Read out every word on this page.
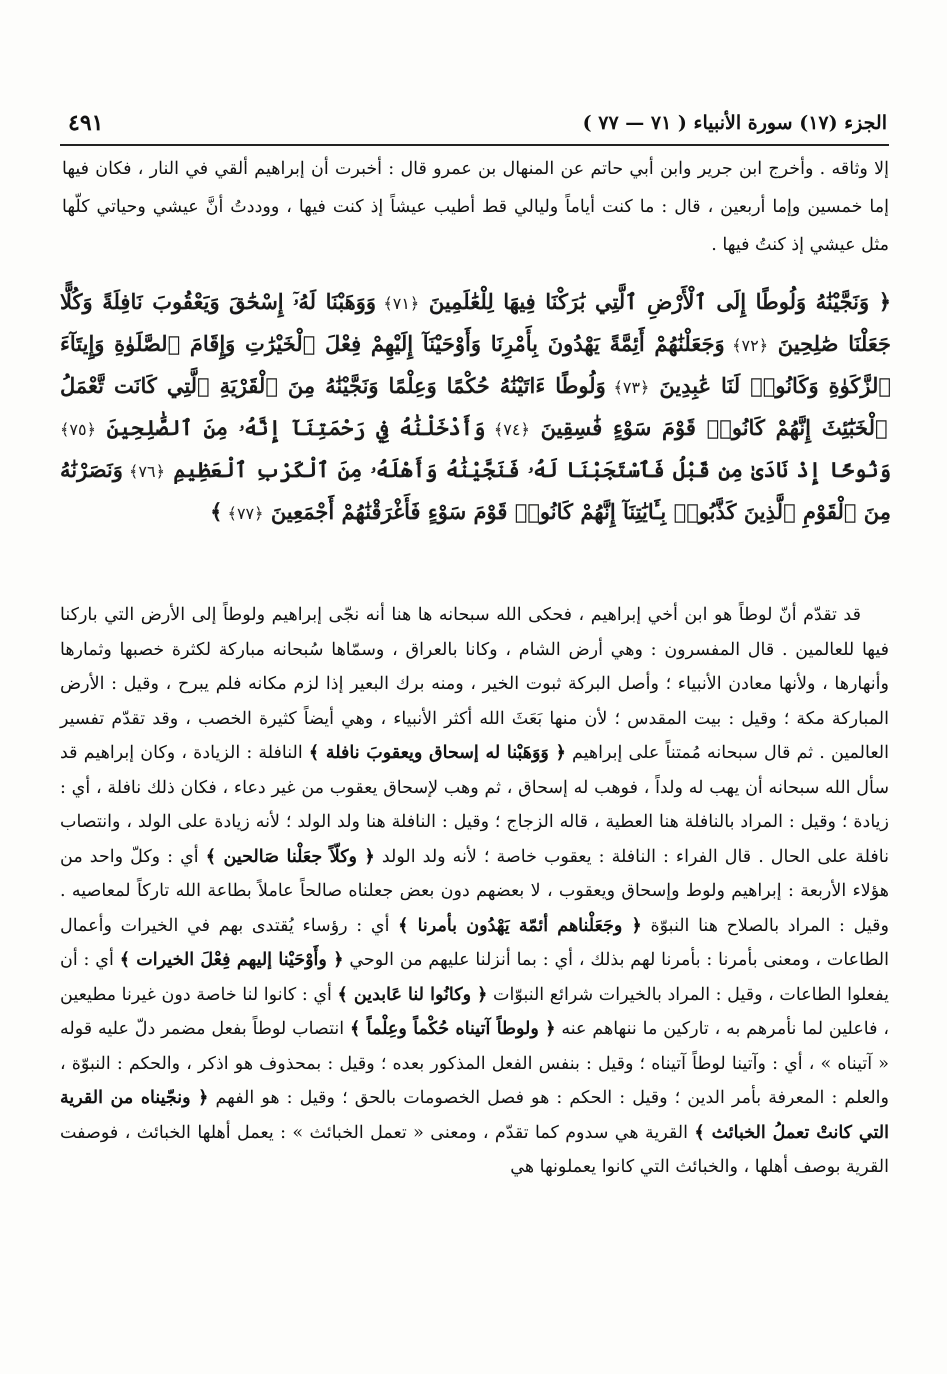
٤٩١	الجزء (١٧) سورة الأنبياء ( ٧١ — ٧٧ )

إلا وثاقه . وأخرج ابن جرير وابن أبي حاتم عن المنهال بن عمرو قال : أخبرت أن إبراهيم ألقي في النار ، فكان فيها إما خمسين وإما أربعين ، قال : ما كنت أياماً وليالي قط أطيب عيشاً إذ كنت فيها ، ووددتُ أنَّ عيشي وحياتي كلّها مثل عيشي إذ كنتُ فيها .

﴿ وَنَجَّيْنَٰهُ وَلُوطًا إِلَى ٱلْأَرْضِ ٱلَّتِي بَٰرَكْنَا فِيهَا لِلْعَٰلَمِينَ ﴿٧١﴾ وَوَهَبْنَا لَهُۥٓ إِسْحَٰقَ وَيَعْقُوبَ نَافِلَةً وَكُلًّا جَعَلْنَا صَٰلِحِينَ ﴿٧٢﴾ وَجَعَلْنَٰهُمْ أَئِمَّةً يَهْدُونَ بِأَمْرِنَا وَأَوْحَيْنَآ إِلَيْهِمْ فِعْلَ ٱلْخَيْرَٰتِ وَإِقَامَ ٱلصَّلَوٰةِ وَإِيتَآءَ ٱلزَّكَوٰةِ وَكَانُوا۟ لَنَا عَٰبِدِينَ ﴿٧٣﴾ وَلُوطًا ءَاتَيْنَٰهُ حُكْمًا وَعِلْمًا وَنَجَّيْنَٰهُ مِنَ ٱلْقَرْيَةِ ٱلَّتِي كَانَت تَّعْمَلُ ٱلْخَبَٰٓئِثَ إِنَّهُمْ كَانُوا۟ قَوْمَ سَوْءٍ فَٰسِقِينَ ﴿٧٤﴾ وَأَدْخَلْنَٰهُ فِي رَحْمَتِنَآ إِنَّهُۥ مِنَ ٱلصَّٰلِحِينَ ﴿٧٥﴾ وَنُوحًا إِذْ نَادَىٰ مِن قَبْلُ فَٱسْتَجَبْنَا لَهُۥ فَنَجَّيْنَٰهُ وَأَهْلَهُۥ مِنَ ٱلْكَرْبِ ٱلْعَظِيمِ ﴿٧٦﴾ وَنَصَرْنَٰهُ مِنَ ٱلْقَوْمِ ٱلَّذِينَ كَذَّبُوا۟ بِـَٔايَٰتِنَآ إِنَّهُمْ كَانُوا۟ قَوْمَ سَوْءٍ فَأَغْرَقْنَٰهُمْ أَجْمَعِينَ ﴿٧٧﴾ ﴾

قد تقدّم أنّ لوطاً هو ابن أخي إبراهيم ، فحكى الله سبحانه ها هنا أنه نجّى إبراهيم ولوطاً إلى الأرض التي باركنا فيها للعالمين . قال المفسرون : وهي أرض الشام ، وكانا بالعراق ، وسمّاها سُبحانه مباركة لكثرة خصبها وثمارها وأنهارها ، ولأنها معادن الأنبياء ؛ وأصل البركة ثبوت الخير ، ومنه برك البعير إذا لزم مكانه فلم يبرح ، وقيل : الأرض المباركة مكة ؛ وقيل : بيت المقدس ؛ لأن منها بَعَثَ الله أكثر الأنبياء ، وهي أيضاً كثيرة الخصب ، وقد تقدّم تفسير العالمين . ثم قال سبحانه مُمتناً على إبراهيم ﴿ وَوَهَبْنا له إسحاق ويعقوبَ نافلة ﴾ النافلة : الزيادة ، وكان إبراهيم قد سأل الله سبحانه أن يهب له ولداً ، فوهب له إسحاق ، ثم وهب لإسحاق يعقوب من غير دعاء ، فكان ذلك نافلة ، أي : زيادة ؛ وقيل : المراد بالنافلة هنا العطية ، قاله الزجاج ؛ وقيل : النافلة هنا ولد الولد ؛ لأنه زيادة على الولد ، وانتصاب نافلة على الحال . قال الفراء : النافلة : يعقوب خاصة ؛ لأنه ولد الولد ﴿ وكلّاً جعَلْنا صَالحين ﴾ أي : وكلّ واحد من هؤلاء الأربعة : إبراهيم ولوط وإسحاق ويعقوب ، لا بعضهم دون بعض جعلناه صالحاً عاملاً بطاعة الله تاركاً لمعاصيه . وقيل : المراد بالصلاح هنا النبوّة ﴿ وجَعَلْناهم أئمّة يَهْدُون بأمرنا ﴾ أي : رؤساء يُقتدى بهم في الخيرات وأعمال الطاعات ، ومعنى بأمرنا : بأمرنا لهم بذلك ، أي : بما أنزلنا عليهم من الوحي ﴿ وأَوْحَيْنا إليهم فِعْلَ الخيرات ﴾ أي : أن يفعلوا الطاعات ، وقيل : المراد بالخيرات شرائع النبوّات ﴿ وكانُوا لنا عَابدين ﴾ أي : كانوا لنا خاصة دون غيرنا مطيعين ، فاعلين لما نأمرهم به ، تاركين ما ننهاهم عنه ﴿ ولوطاً آتيناه حُكْماً وعِلْماً ﴾ انتصاب لوطاً بفعل مضمر دلّ عليه قوله « آتيناه » ، أي : وآتينا لوطاً آتيناه ؛ وقيل : بنفس الفعل المذكور بعده ؛ وقيل : بمحذوف هو اذكر ، والحكم : النبوّة ، والعلم : المعرفة بأمر الدين ؛ وقيل : الحكم : هو فصل الخصومات بالحق ؛ وقيل : هو الفهم ﴿ ونجّيناه من القرية التي كانتْ تعملُ الخبائث ﴾ القرية هي سدوم كما تقدّم ، ومعنى « تعمل الخبائث » : يعمل أهلها الخبائث ، فوصفت القرية بوصف أهلها ، والخبائث التي كانوا يعملونها هي
